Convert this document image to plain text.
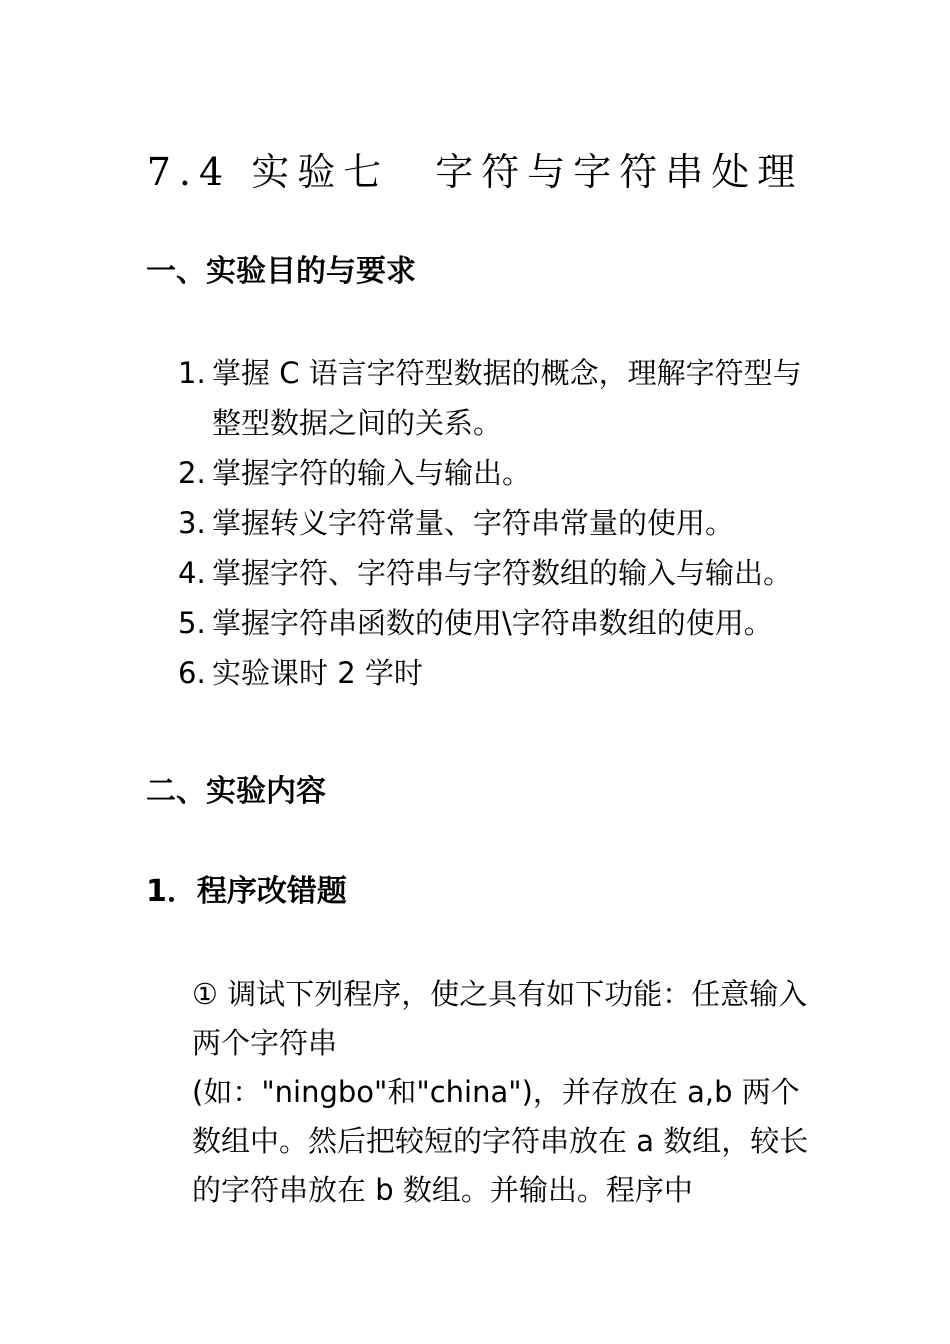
7.4 实验七　字符与字符串处理
一、实验目的与要求
1. 掌握 C 语言字符型数据的概念，理解字符型与整型数据之间的关系。
2. 掌握字符的输入与输出。
3. 掌握转义字符常量、字符串常量的使用。
4. 掌握字符、字符串与字符数组的输入与输出。
5. 掌握字符串函数的使用\字符串数组的使用。
6. 实验课时 2 学时
二、实验内容
1．程序改错题

① 调试下列程序，使之具有如下功能：任意输入两个字符串

(如："ningbo"和"china")，并存放在 a,b 两个数组中。然后把较短的字符串放在 a 数组，较长的字符串放在 b 数组。并输出。程序中
